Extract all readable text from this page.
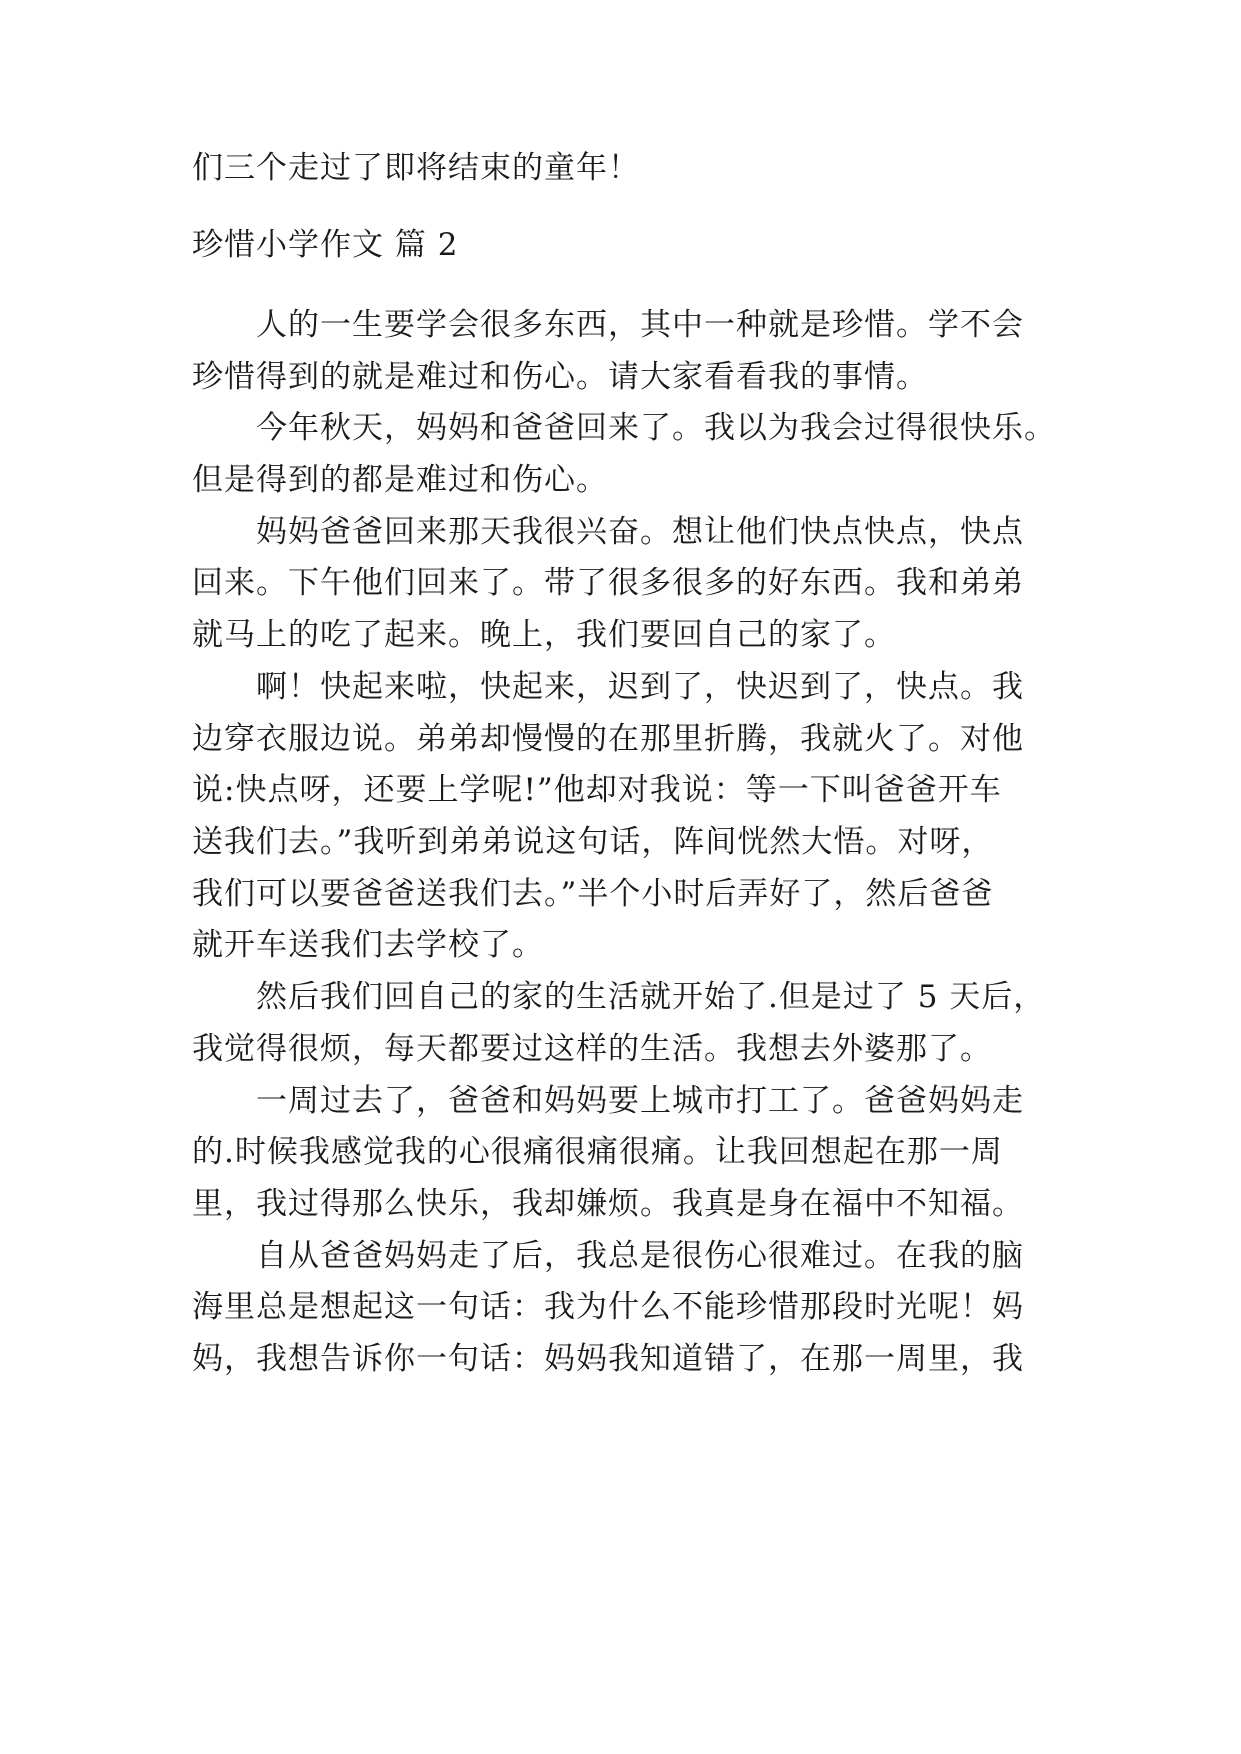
们三个走过了即将结束的童年！
珍惜小学作文 篇 2
人的一生要学会很多东西，其中一种就是珍惜。学不会
珍惜得到的就是难过和伤心。请大家看看我的事情。
今年秋天，妈妈和爸爸回来了。我以为我会过得很快乐。
但是得到的都是难过和伤心。
妈妈爸爸回来那天我很兴奋。想让他们快点快点，快点
回来。下午他们回来了。带了很多很多的好东西。我和弟弟
就马上的吃了起来。晚上，我们要回自己的家了。
啊！快起来啦，快起来，迟到了，快迟到了，快点。我
边穿衣服边说。弟弟却慢慢的在那里折腾，我就火了。对他
说:快点呀，还要上学呢!”他却对我说：等一下叫爸爸开车
送我们去。”我听到弟弟说这句话，阵间恍然大悟。对呀，
我们可以要爸爸送我们去。”半个小时后弄好了，然后爸爸
就开车送我们去学校了。
然后我们回自己的家的生活就开始了.但是过了 5 天后，
我觉得很烦，每天都要过这样的生活。我想去外婆那了。
一周过去了，爸爸和妈妈要上城市打工了。爸爸妈妈走
的.时候我感觉我的心很痛很痛很痛。让我回想起在那一周
里，我过得那么快乐，我却嫌烦。我真是身在福中不知福。
自从爸爸妈妈走了后，我总是很伤心很难过。在我的脑
海里总是想起这一句话：我为什么不能珍惜那段时光呢！妈
妈，我想告诉你一句话：妈妈我知道错了，在那一周里，我
